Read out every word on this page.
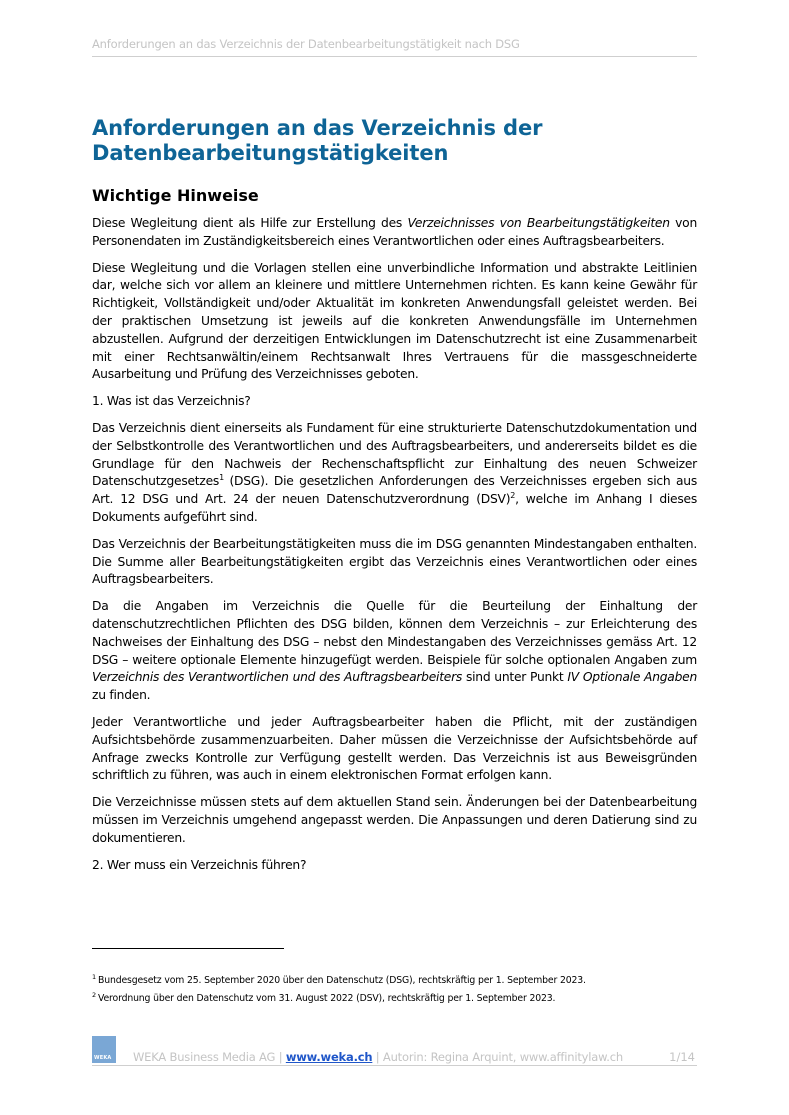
Anforderungen an das Verzeichnis der Datenbearbeitungstätigkeit nach DSG
Anforderungen an das Verzeichnis der Datenbearbeitungstätigkeiten
Wichtige Hinweise

Diese Wegleitung dient als Hilfe zur Erstellung des Verzeichnisses von Bearbeitungstätigkeiten von Personendaten im Zuständigkeitsbereich eines Verantwortlichen oder eines Auftragsbearbeiters.

Diese Wegleitung und die Vorlagen stellen eine unverbindliche Information und abstrakte Leitlinien dar, welche sich vor allem an kleinere und mittlere Unternehmen richten. Es kann keine Gewähr für Richtigkeit, Vollständigkeit und/oder Aktualität im konkreten Anwendungsfall geleistet werden. Bei der praktischen Umsetzung ist jeweils auf die konkreten Anwendungsfälle im Unternehmen abzustellen. Aufgrund der derzeitigen Entwicklungen im Datenschutzrecht ist eine Zusammenarbeit mit einer Rechtsanwältin/einem Rechtsanwalt Ihres Vertrauens für die massgeschneiderte Ausarbeitung und Prüfung des Verzeichnisses geboten.

1. Was ist das Verzeichnis?

Das Verzeichnis dient einerseits als Fundament für eine strukturierte Datenschutzdokumentation und der Selbstkontrolle des Verantwortlichen und des Auftragsbearbeiters, und andererseits bildet es die Grundlage für den Nachweis der Rechenschaftspflicht zur Einhaltung des neuen Schweizer Datenschutzgesetzes$^1$ (DSG). Die gesetzlichen Anforderungen des Verzeichnisses ergeben sich aus Art. 12 DSG und Art. 24 der neuen Datenschutzverordnung (DSV)$^2$, welche im Anhang I dieses Dokuments aufgeführt sind.

Das Verzeichnis der Bearbeitungstätigkeiten muss die im DSG genannten Mindestangaben enthalten. Die Summe aller Bearbeitungstätigkeiten ergibt das Verzeichnis eines Verantwortlichen oder eines Auftragsbearbeiters.

Da die Angaben im Verzeichnis die Quelle für die Beurteilung der Einhaltung der datenschutzrechtlichen Pflichten des DSG bilden, können dem Verzeichnis – zur Erleichterung des Nachweises der Einhaltung des DSG – nebst den Mindestangaben des Verzeichnisses gemäss Art. 12 DSG – weitere optionale Elemente hinzugefügt werden. Beispiele für solche optionalen Angaben zum Verzeichnis des Verantwortlichen und des Auftragsbearbeiters sind unter Punkt IV Optionale Angaben zu finden.

Jeder Verantwortliche und jeder Auftragsbearbeiter haben die Pflicht, mit der zuständigen Aufsichtsbehörde zusammenzuarbeiten. Daher müssen die Verzeichnisse der Aufsichtsbehörde auf Anfrage zwecks Kontrolle zur Verfügung gestellt werden. Das Verzeichnis ist aus Beweisgründen schriftlich zu führen, was auch in einem elektronischen Format erfolgen kann.

Die Verzeichnisse müssen stets auf dem aktuellen Stand sein. Änderungen bei der Datenbearbeitung müssen im Verzeichnis umgehend angepasst werden. Die Anpassungen und deren Datierung sind zu dokumentieren.

2. Wer muss ein Verzeichnis führen?

$^1$ Bundesgesetz vom 25. September 2020 über den Datenschutz (DSG), rechtskräftig per 1. September 2023.
$^2$ Verordnung über den Datenschutz vom 31. August 2022 (DSV), rechtskräftig per 1. September 2023.
WEKA WEKA Business Media AG | www.weka.ch | Autorin: Regina Arquint, www.affinitylaw.ch	1/14
